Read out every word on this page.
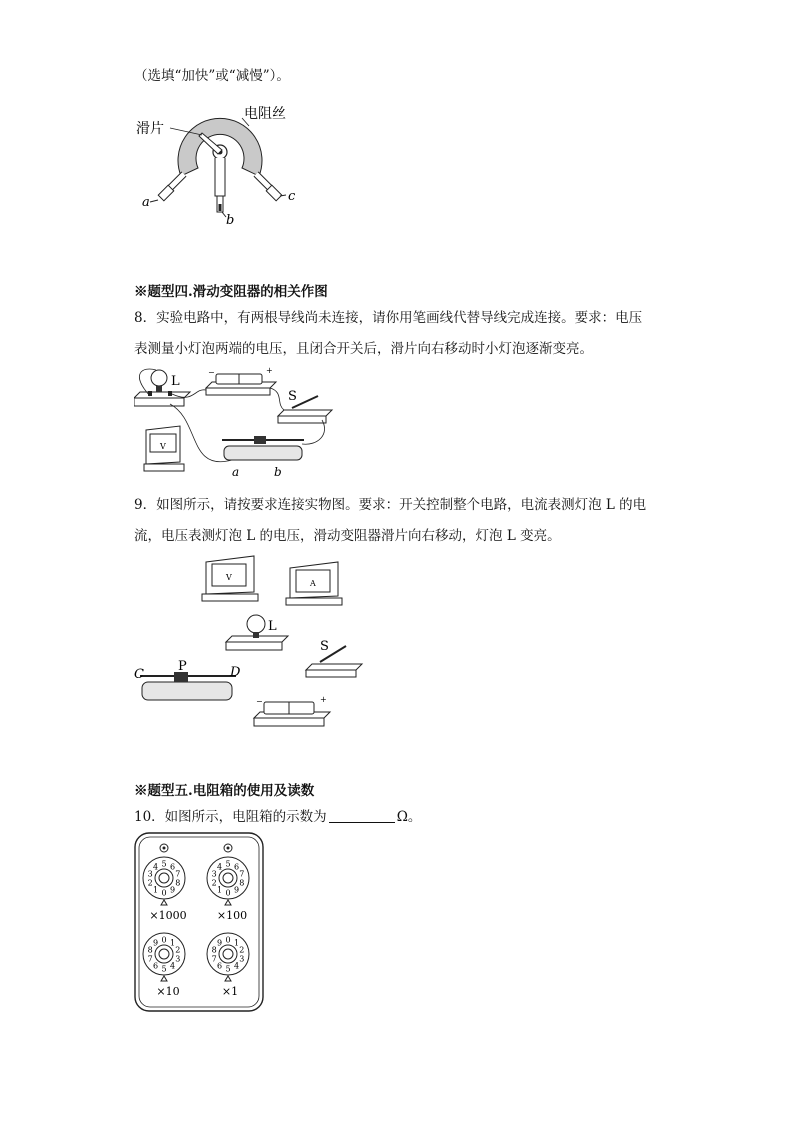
（选填“加快”或“减慢”）。
滑片
电阻丝
a
b
c
※题型四.滑动变阻器的相关作图
8．实验电路中，有两根导线尚未连接，请你用笔画线代替导线完成连接。要求：电压
表测量小灯泡两端的电压，且闭合开关后，滑片向右移动时小灯泡逐渐变亮。
L
−	+
S
V
a	b
9．如图所示，请按要求连接实物图。要求：开关控制整个电路，电流表测灯泡 L 的电
流，电压表测灯泡 L 的电压，滑动变阻器滑片向右移动，灯泡 L 变亮。
V
A
L
S
P
C	D
−	+
※题型五.电阻箱的使用及读数
10．如图所示，电阻箱的示数为	Ω。
0
1
2
3
4 5 6
7
8
9	0
1
2
3
4 5 6
7
8
9
5
6
7
8
9 0 1
2
3
4	5
6
7
8
9 0 1
2
3
4
×1000	×100
×10	×1
